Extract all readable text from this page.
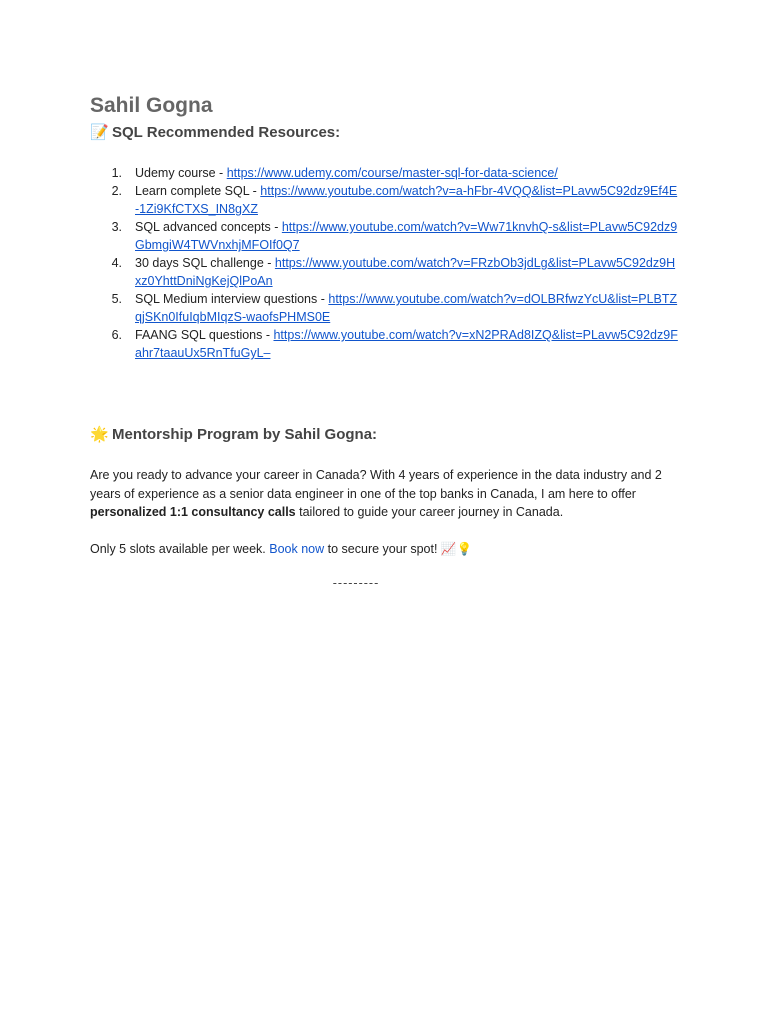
Sahil Gogna
📝 SQL Recommended Resources:
1.	Udemy course - https://www.udemy.com/course/master-sql-for-data-science/
2.	Learn complete SQL - https://www.youtube.com/watch?v=a-hFbr-4VQQ&list=PLavw5C92dz9Ef4E-1Zi9KfCTXS_IN8gXZ
3.	SQL advanced concepts - https://www.youtube.com/watch?v=Ww71knvhQ-s&list=PLavw5C92dz9GbmgiW4TWVnxhjMFOIf0Q7
4.	30 days SQL challenge - https://www.youtube.com/watch?v=FRzbOb3jdLg&list=PLavw5C92dz9Hxz0YhttDniNgKejQlPoAn
5.	SQL Medium interview questions - https://www.youtube.com/watch?v=dOLBRfwzYcU&list=PLBTZqjSKn0IfuIqbMIqzS-waofsPHMS0E
6.	FAANG SQL questions - https://www.youtube.com/watch?v=xN2PRAd8IZQ&list=PLavw5C92dz9Fahr7taauUx5RnTfuGyL–
🌟 Mentorship Program by Sahil Gogna:

Are you ready to advance your career in Canada? With 4 years of experience in the data industry and 2 years of experience as a senior data engineer in one of the top banks in Canada, I am here to offer personalized 1:1 consultancy calls tailored to guide your career journey in Canada.

Only 5 slots available per week. Book now to secure your spot! 📈💡

---------
